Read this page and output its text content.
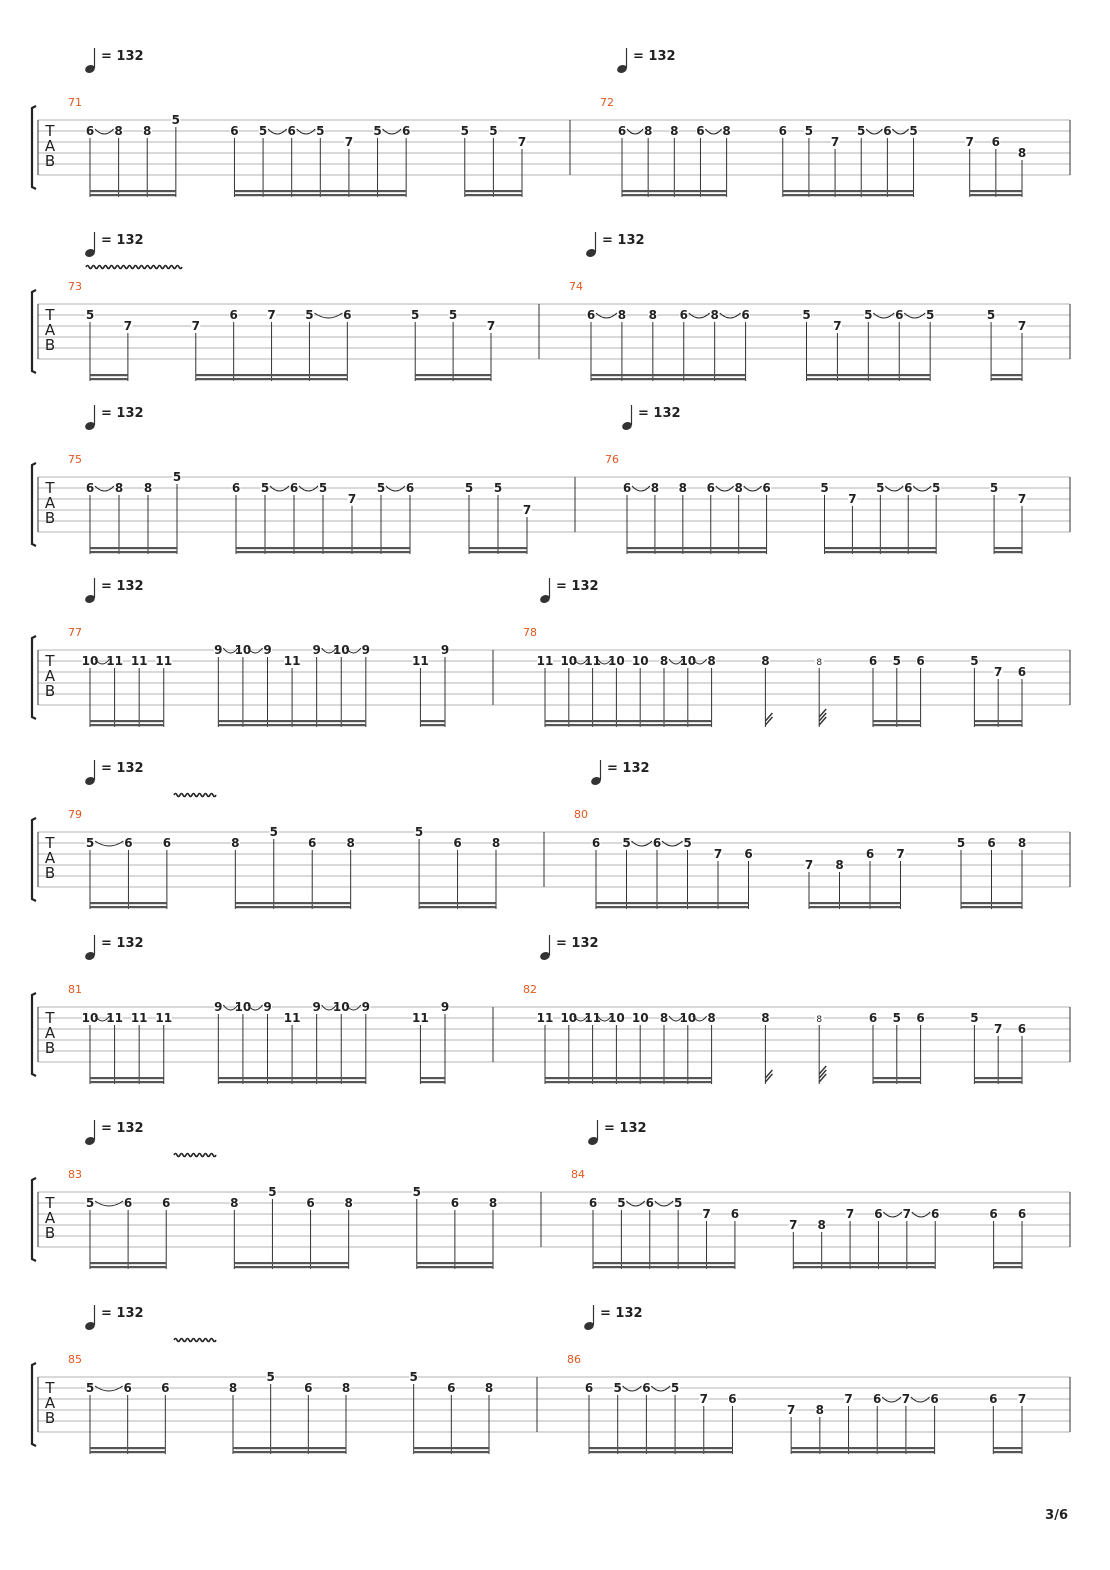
T
A
B
= 132
71
6 8 8
5
6 5 6 5
7
5 6	5 5
7
= 132
72
6 8 8 6 8	6 5
7
5 6 5
7 6
8
T
A
B
= 132
73
5
7	7
6 7 5 6	5 5
7
= 132
74
6 8 8 6 8 6	5
7
5 6 5	5
7
T
A
B
= 132
75
6 8 8
5
6 5 6 5
7
5 6	5 5
7
= 132
76
6 8 8 6 8 6	5
7
5 6 5	5
7
T
A
B
= 132
77
10 11 11 11
9 10 9
11
9 10 9
11
9
= 132
78
11 10 11 10 10 8 10 8	8	8	6 5 6	5
7 6
T
A
B
= 132
79
5	6	6	8
5
6	8
5
6	8
= 132
80
6 5 6 5
7 6
7 8
6 7
5 6 8
T
A
B
= 132
81
10 11 11 11
9 10 9
11
9 10 9
11
9
= 132
82
11 10 11 10 10 8 10 8	8	8	6 5 6	5
7 6
T
A
B
= 132
83
5 6 6	8
5
6 8
5
6 8
= 132
84
6 5 6 5
7 6
7 8
7 6 7 6	6 6
T
A
B
= 132
85
5 6 6	8
5
6 8
5
6 8
= 132
86
6 5 6 5
7 6
7 8
7 6 7 6	6 7
3/6
